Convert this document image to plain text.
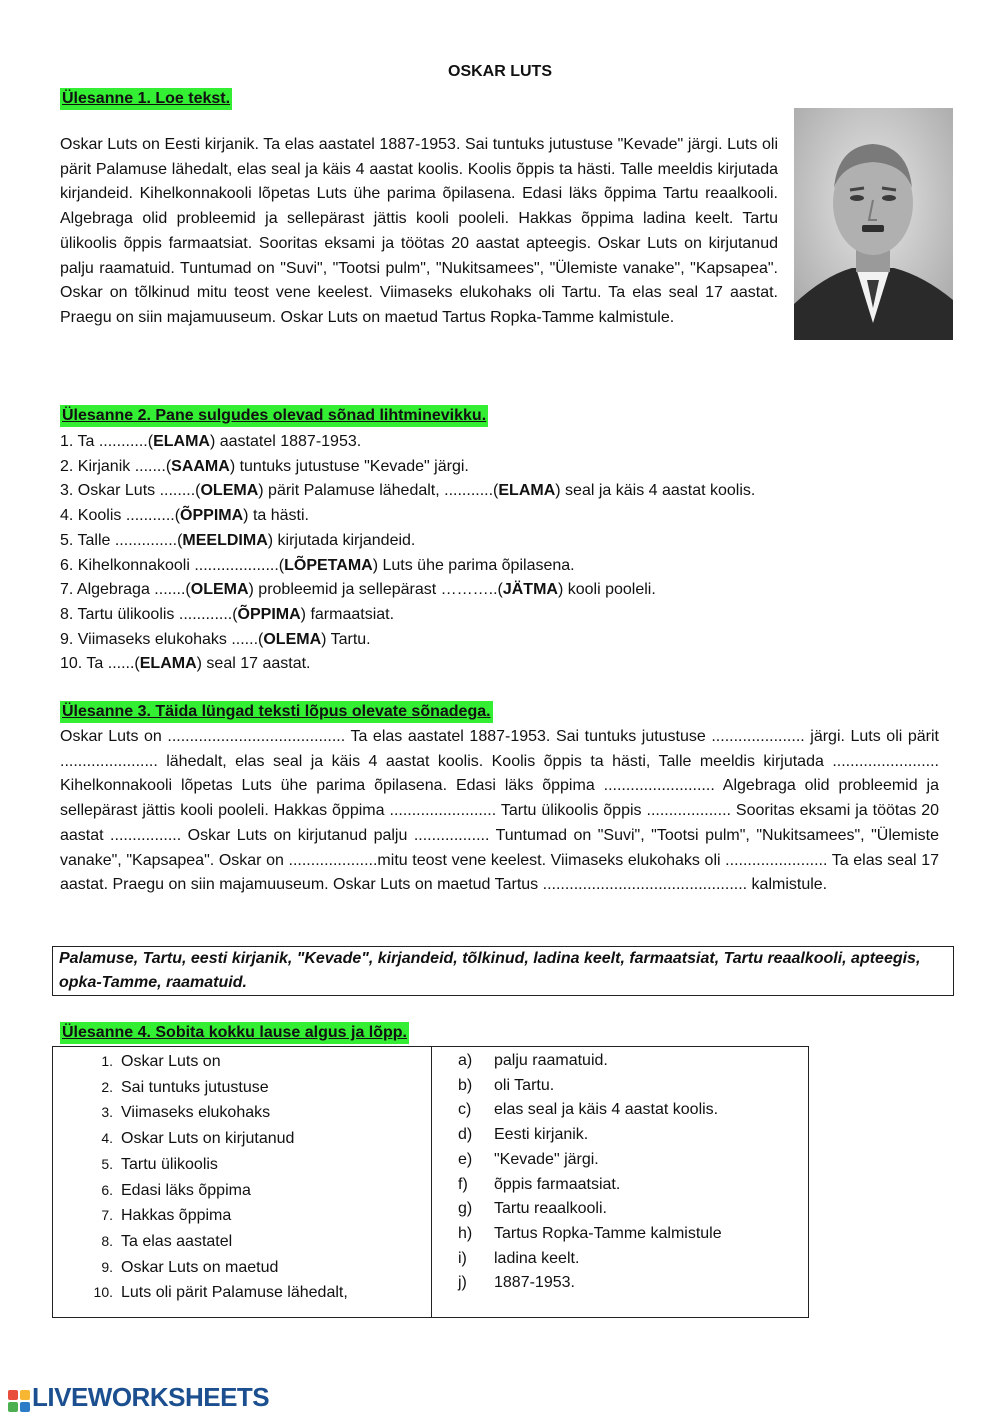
OSKAR LUTS
Ülesanne 1. Loe tekst.
Oskar Luts on Eesti kirjanik. Ta elas aastatel 1887-1953. Sai tuntuks jutustuse "Kevade" järgi. Luts oli pärit Palamuse lähedalt, elas seal ja käis 4 aastat koolis. Koolis õppis ta hästi. Talle meeldis kirjutada kirjandeid. Kihelkonnakooli lõpetas Luts ühe parima õpilasena. Edasi läks õppima Tartu reaalkooli. Algebraga olid probleemid ja sellepärast jättis kooli pooleli. Hakkas õppima ladina keelt. Tartu ülikoolis õppis farmaatsiat. Sooritas eksami ja töötas 20 aastat apteegis. Oskar Luts on kirjutanud palju raamatuid. Tuntumad on "Suvi", "Tootsi pulm", "Nukitsamees", "Ülemiste vanake", "Kapsapea". Oskar on tõlkinud mitu teost vene keelest. Viimaseks elukohaks oli Tartu. Ta elas seal 17 aastat. Praegu on siin majamuuseum. Oskar Luts on maetud Tartus Ropka-Tamme kalmistule.
Ülesanne 2. Pane sulgudes olevad sõnad lihtminevikku.
1. Ta ...........(ELAMA) aastatel 1887-1953.
2. Kirjanik .......(SAAMA) tuntuks jutustuse "Kevade" järgi.
3. Oskar Luts ........(OLEMA) pärit Palamuse lähedalt, ...........(ELAMA) seal ja käis 4 aastat koolis.
4. Koolis ...........(ÕPPIMA) ta hästi.
5. Talle ..............(MEELDIMA) kirjutada kirjandeid.
6. Kihelkonnakooli ...................(LÕPETAMA) Luts ühe parima õpilasena.
7. Algebraga .......(OLEMA) probleemid ja sellepärast ………..(JÄTMA) kooli pooleli.
8. Tartu ülikoolis ............(ÕPPIMA) farmaatsiat.
9. Viimaseks elukohaks ......(OLEMA) Tartu.
10. Ta ......(ELAMA) seal 17 aastat.
Ülesanne 3. Täida lüngad teksti lõpus olevate sõnadega.
Oskar Luts on ........................................ Ta elas aastatel 1887-1953. Sai tuntuks jutustuse ..................... järgi. Luts oli pärit ...................... lähedalt, elas seal ja käis 4 aastat koolis. Koolis õppis ta hästi, Talle meeldis kirjutada ........................ Kihelkonnakooli lõpetas Luts ühe parima õpilasena. Edasi läks õppima ......................... Algebraga olid probleemid ja sellepärast jättis kooli pooleli. Hakkas õppima ........................ Tartu ülikoolis õppis ................... Sooritas eksami ja töötas 20 aastat ................ Oskar Luts on kirjutanud palju ................. Tuntumad on "Suvi", "Tootsi pulm", "Nukitsamees", "Ülemiste vanake", "Kapsapea". Oskar on ....................mitu teost vene keelest. Viimaseks elukohaks oli ....................... Ta elas seal 17 aastat. Praegu on siin majamuuseum. Oskar Luts on maetud Tartus .............................................. kalmistule.
Palamuse, Tartu, eesti kirjanik, "Kevade", kirjandeid, tõlkinud, ladina keelt, farmaatsiat, Tartu reaalkooli, apteegis, opka-Tamme, raamatuid.
Ülesanne 4. Sobita kokku lause algus ja lõpp.
1. Oskar Luts on
2. Sai tuntuks jutustuse
3. Viimaseks elukohaks
4. Oskar Luts on kirjutanud
5. Tartu ülikoolis
6. Edasi läks õppima
7. Hakkas õppima
8. Ta elas aastatel
9. Oskar Luts on maetud
10. Luts oli pärit Palamuse lähedalt,
a) palju raamatuid.
b) oli Tartu.
c) elas seal ja käis 4 aastat koolis.
d) Eesti kirjanik.
e) "Kevade" järgi.
f) õppis farmaatsiat.
g) Tartu reaalkooli.
h) Tartus Ropka-Tamme kalmistule
i) ladina keelt.
j) 1887-1953.
LIVEWORKSHEETS
